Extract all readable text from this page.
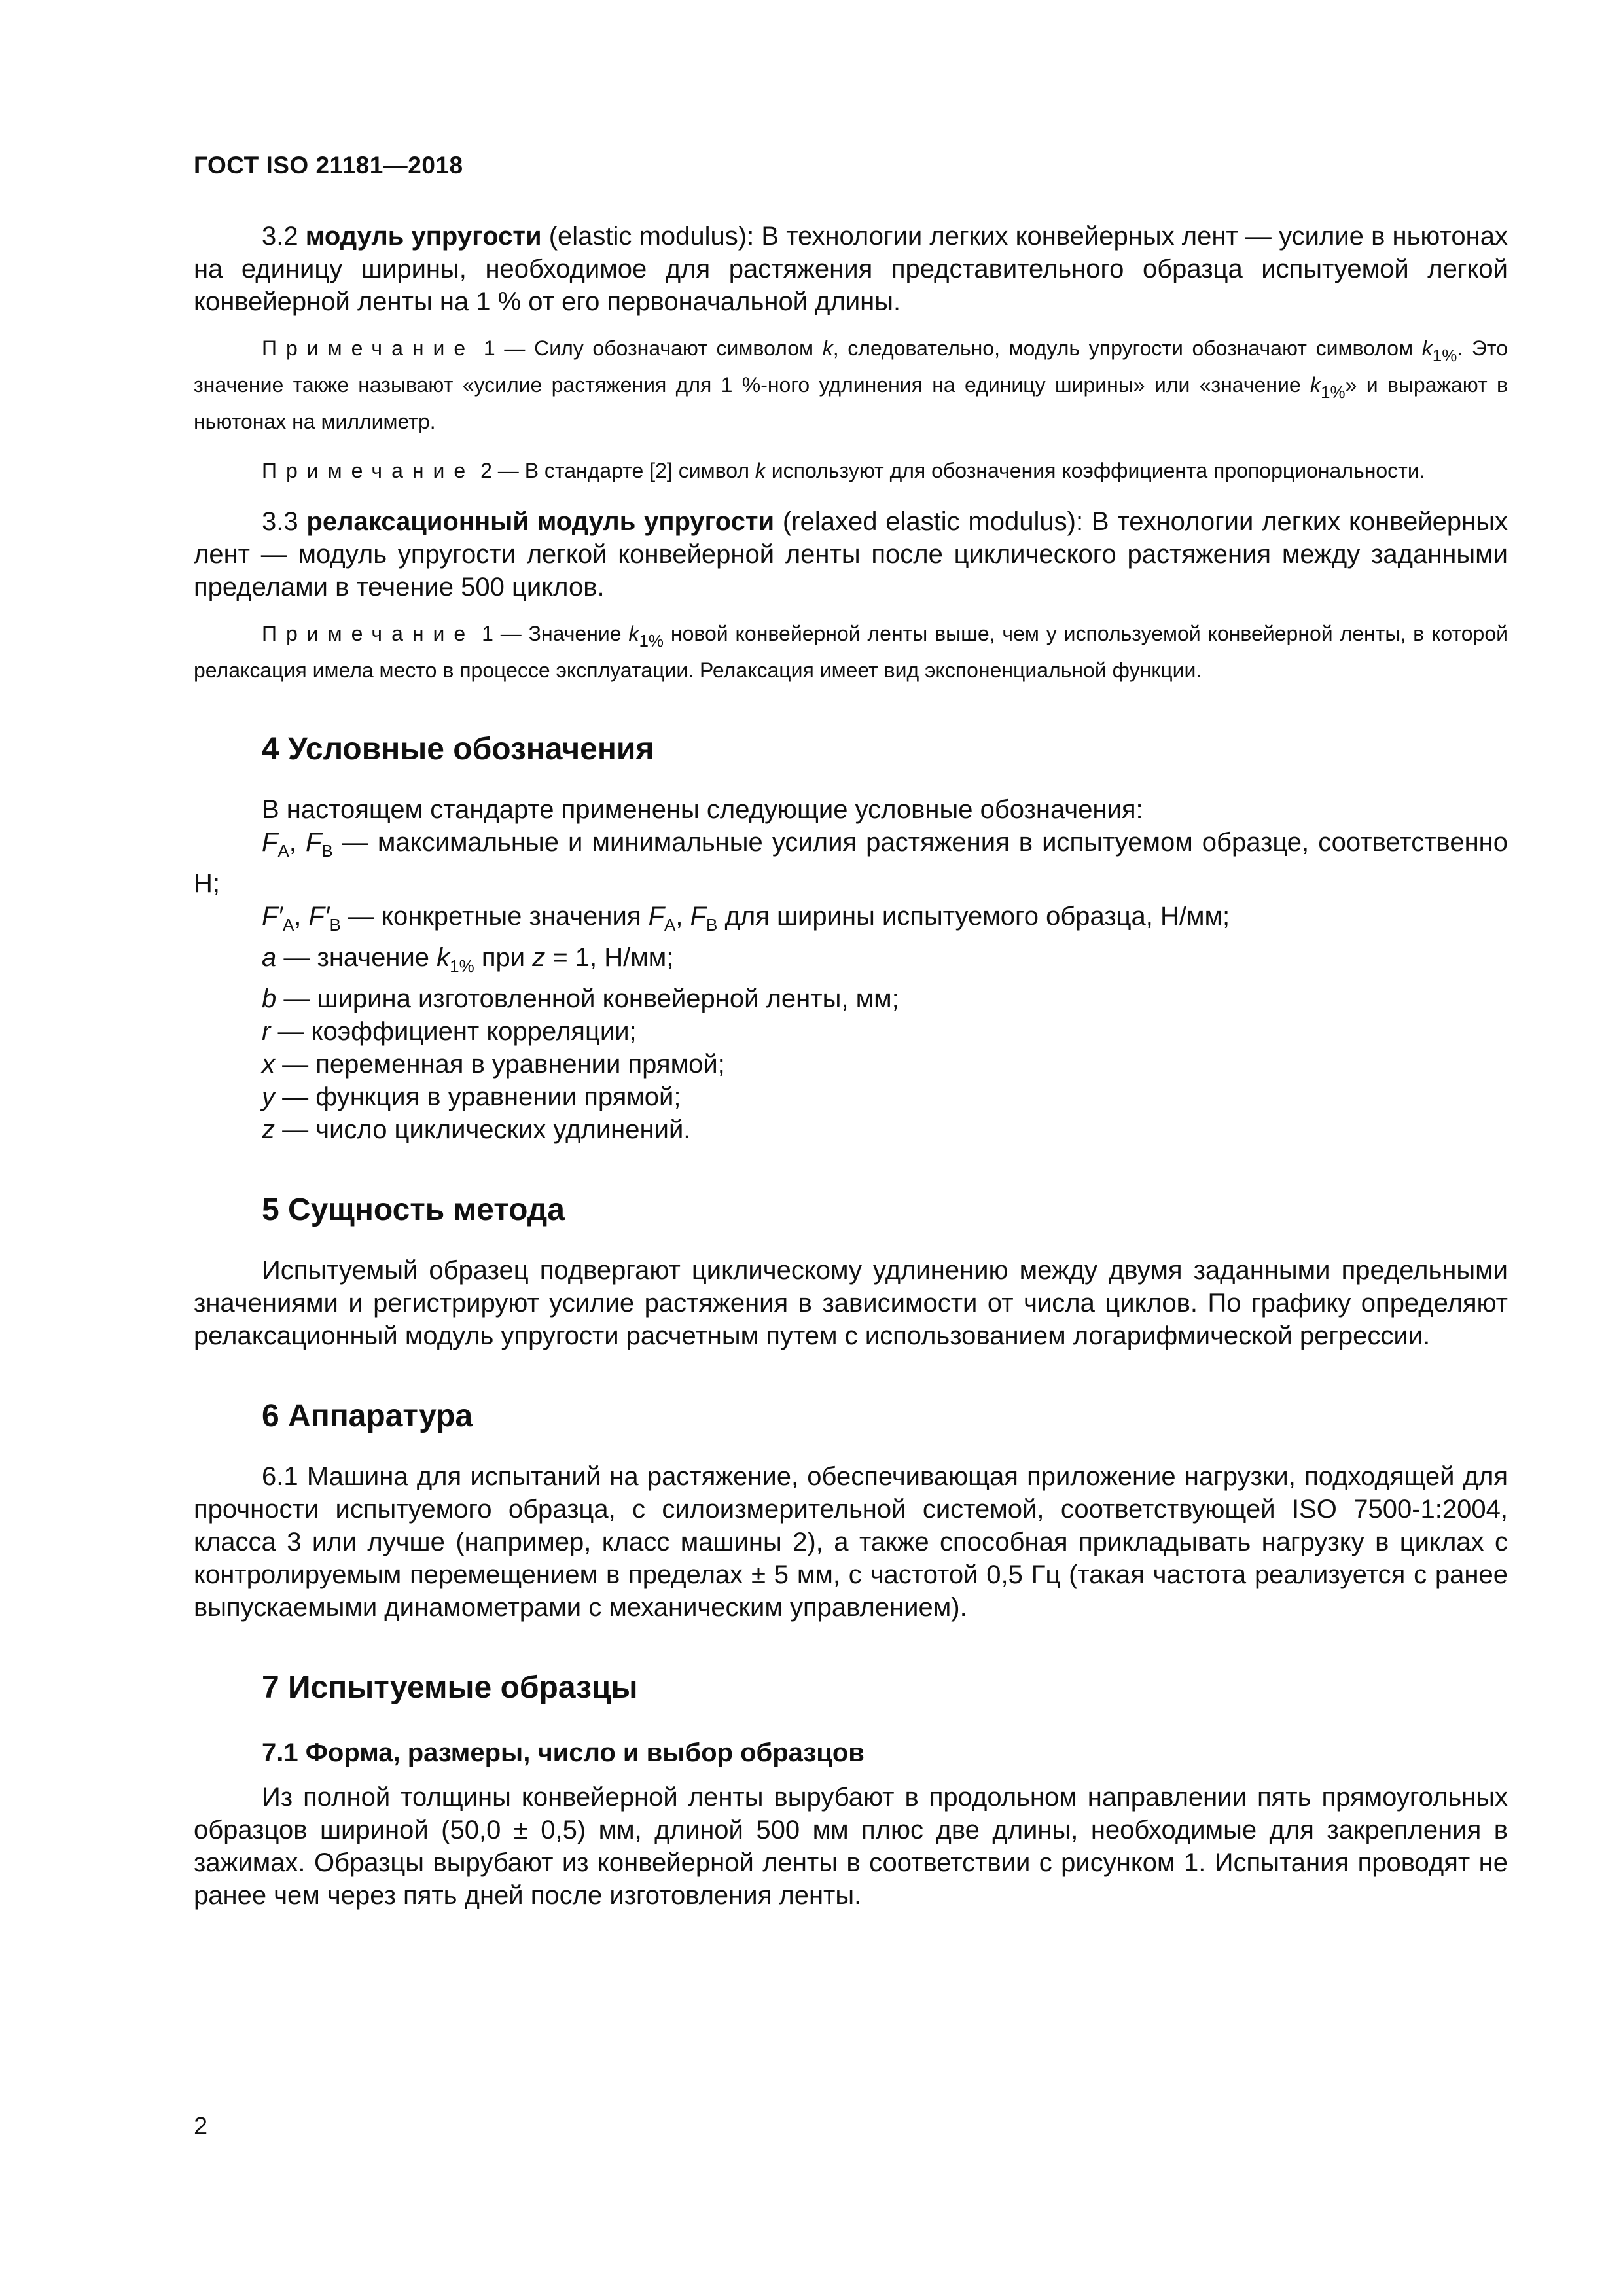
ГОСТ ISO 21181—2018

3.2 модуль упругости (elastic modulus): В технологии легких конвейерных лент — усилие в ньютонах на единицу ширины, необходимое для растяжения представительного образца испытуемой легкой конвейерной ленты на 1 % от его первоначальной длины.

Примечание 1 — Силу обозначают символом k, следовательно, модуль упругости обозначают символом $k_{1\%}$. Это значение также называют «усилие растяжения для 1 %-ного удлинения на единицу ширины» или «значение $k_{1\%}$» и выражают в ньютонах на миллиметр.

Примечание 2 — В стандарте [2] символ k используют для обозначения коэффициента пропорциональности.

3.3 релаксационный модуль упругости (relaxed elastic modulus): В технологии легких конвейерных лент — модуль упругости легкой конвейерной ленты после циклического растяжения между заданными пределами в течение 500 циклов.

Примечание 1 — Значение $k_{1\%}$ новой конвейерной ленты выше, чем у используемой конвейерной ленты, в которой релаксация имела место в процессе эксплуатации. Релаксация имеет вид экспоненциальной функции.

4 Условные обозначения
В настоящем стандарте применены следующие условные обозначения:
$F_A$, $F_B$ — максимальные и минимальные усилия растяжения в испытуемом образце, соответственно Н;
$F'_A$, $F'_B$ — конкретные значения $F_A$, $F_B$ для ширины испытуемого образца, Н/мм;
a — значение $k_{1\%}$ при z = 1, Н/мм;
b — ширина изготовленной конвейерной ленты, мм;
r — коэффициент корреляции;
x — переменная в уравнении прямой;
y — функция в уравнении прямой;
z — число циклических удлинений.
5 Сущность метода

Испытуемый образец подвергают циклическому удлинению между двумя заданными предельными значениями и регистрируют усилие растяжения в зависимости от числа циклов. По графику определяют релаксационный модуль упругости расчетным путем с использованием логарифмической регрессии.

6 Аппаратура

6.1 Машина для испытаний на растяжение, обеспечивающая приложение нагрузки, подходящей для прочности испытуемого образца, с силоизмерительной системой, соответствующей ISO 7500-1:2004, класса 3 или лучше (например, класс машины 2), а также способная прикладывать нагрузку в циклах с контролируемым перемещением в пределах ± 5 мм, с частотой 0,5 Гц (такая частота реализуется с ранее выпускаемыми динамометрами с механическим управлением).

7 Испытуемые образцы
7.1 Форма, размеры, число и выбор образцов

Из полной толщины конвейерной ленты вырубают в продольном направлении пять прямоугольных образцов шириной (50,0 ± 0,5) мм, длиной 500 мм плюс две длины, необходимые для закрепления в зажимах. Образцы вырубают из конвейерной ленты в соответствии с рисунком 1. Испытания проводят не ранее чем через пять дней после изготовления ленты.

2
